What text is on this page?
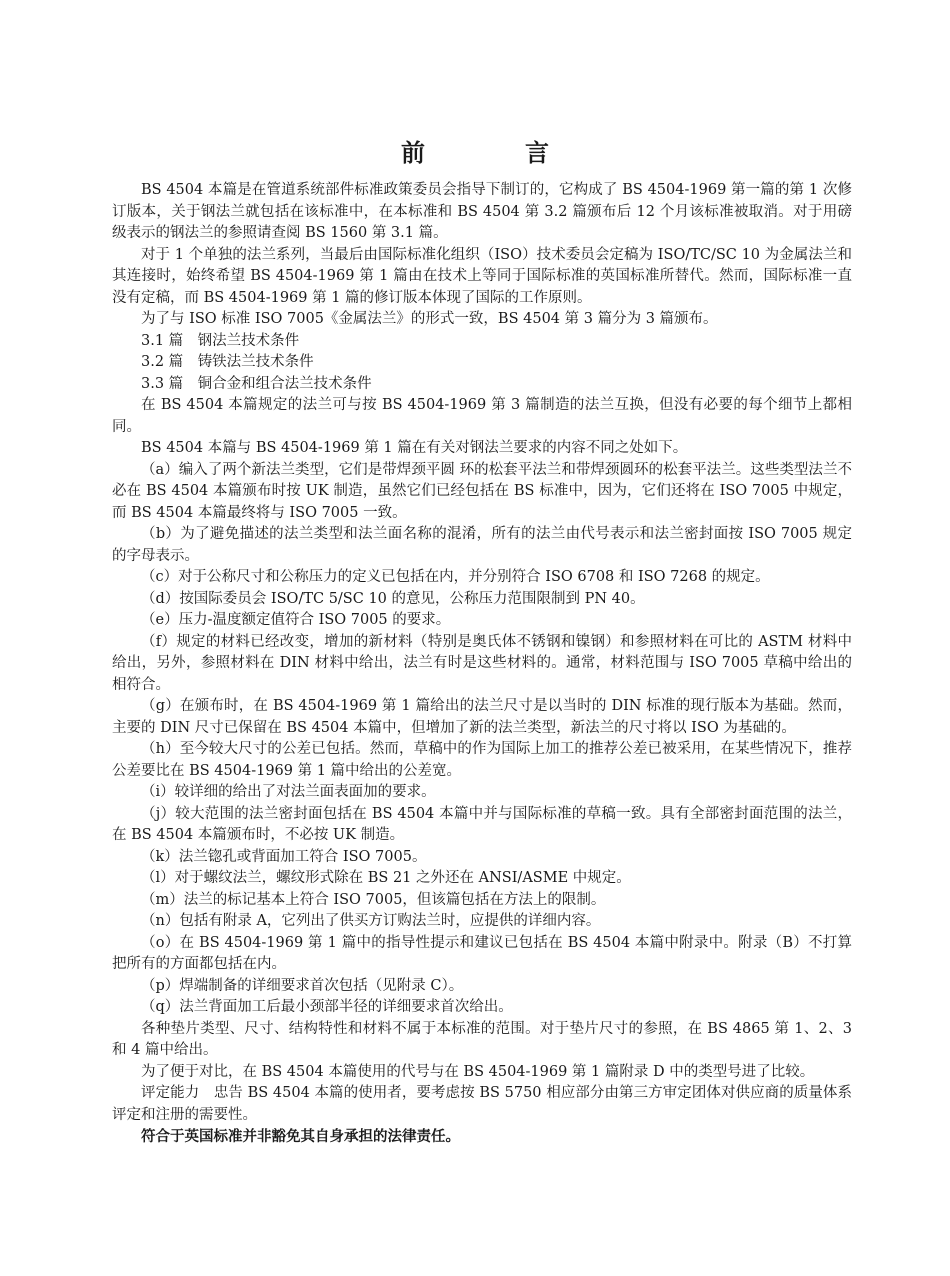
前　言

BS 4504 本篇是在管道系统部件标准政策委员会指导下制订的，它构成了 BS 4504-1969 第一篇的第 1 次修订版本，关于钢法兰就包括在该标准中，在本标准和 BS 4504 第 3.2 篇颁布后 12 个月该标准被取消。对于用磅级表示的钢法兰的参照请查阅 BS 1560 第 3.1 篇。

对于 1 个单独的法兰系列，当最后由国际标准化组织（ISO）技术委员会定稿为 ISO/TC/SC 10 为金属法兰和其连接时，始终希望 BS 4504-1969 第 1 篇由在技术上等同于国际标准的英国标准所替代。然而，国际标准一直没有定稿，而 BS 4504-1969 第 1 篇的修订版本体现了国际的工作原则。

为了与 ISO 标准 ISO 7005《金属法兰》的形式一致，BS 4504 第 3 篇分为 3 篇颁布。

3.1 篇　钢法兰技术条件

3.2 篇　铸铁法兰技术条件

3.3 篇　铜合金和组合法兰技术条件

在 BS 4504 本篇规定的法兰可与按 BS 4504-1969 第 3 篇制造的法兰互换，但没有必要的每个细节上都相同。

BS 4504 本篇与 BS 4504-1969 第 1 篇在有关对钢法兰要求的内容不同之处如下。

（a）编入了两个新法兰类型，它们是带焊颈平圆 环的松套平法兰和带焊颈圆环的松套平法兰。这些类型法兰不必在 BS 4504 本篇颁布时按 UK 制造，虽然它们已经包括在 BS 标准中，因为，它们还将在 ISO 7005 中规定，而 BS 4504 本篇最终将与 ISO 7005 一致。

（b）为了避免描述的法兰类型和法兰面名称的混淆，所有的法兰由代号表示和法兰密封面按 ISO 7005 规定的字母表示。

（c）对于公称尺寸和公称压力的定义已包括在内，并分别符合 ISO 6708 和 ISO 7268 的规定。

（d）按国际委员会 ISO/TC 5/SC 10 的意见，公称压力范围限制到 PN 40。

（e）压力-温度额定值符合 ISO 7005 的要求。

（f）规定的材料已经改变，增加的新材料（特别是奥氏体不锈钢和镍钢）和参照材料在可比的 ASTM 材料中给出，另外，参照材料在 DIN 材料中给出，法兰有时是这些材料的。通常，材料范围与 ISO 7005 草稿中给出的相符合。

（g）在颁布时，在 BS 4504-1969 第 1 篇给出的法兰尺寸是以当时的 DIN 标准的现行版本为基础。然而，主要的 DIN 尺寸已保留在 BS 4504 本篇中，但增加了新的法兰类型，新法兰的尺寸将以 ISO 为基础的。

（h）至今较大尺寸的公差已包括。然而，草稿中的作为国际上加工的推荐公差已被采用，在某些情况下，推荐公差要比在 BS 4504-1969 第 1 篇中给出的公差宽。

（i）较详细的给出了对法兰面表面加的要求。

（j）较大范围的法兰密封面包括在 BS 4504 本篇中并与国际标准的草稿一致。具有全部密封面范围的法兰，在 BS 4504 本篇颁布时，不必按 UK 制造。

（k）法兰锪孔或背面加工符合 ISO 7005。

（l）对于螺纹法兰，螺纹形式除在 BS 21 之外还在 ANSI/ASME 中规定。

（m）法兰的标记基本上符合 ISO 7005，但该篇包括在方法上的限制。

（n）包括有附录 A，它列出了供买方订购法兰时，应提供的详细内容。

（o）在 BS 4504-1969 第 1 篇中的指导性提示和建议已包括在 BS 4504 本篇中附录中。附录（B）不打算把所有的方面都包括在内。

（p）焊端制备的详细要求首次包括（见附录 C）。

（q）法兰背面加工后最小颈部半径的详细要求首次给出。

各种垫片类型、尺寸、结构特性和材料不属于本标准的范围。对于垫片尺寸的参照，在 BS 4865 第 1、2、3 和 4 篇中给出。

为了便于对比，在 BS 4504 本篇使用的代号与在 BS 4504-1969 第 1 篇附录 D 中的类型号进了比较。

评定能力　忠告 BS 4504 本篇的使用者，要考虑按 BS 5750 相应部分由第三方审定团体对供应商的质量体系评定和注册的需要性。

符合于英国标准并非豁免其自身承担的法律责任。
